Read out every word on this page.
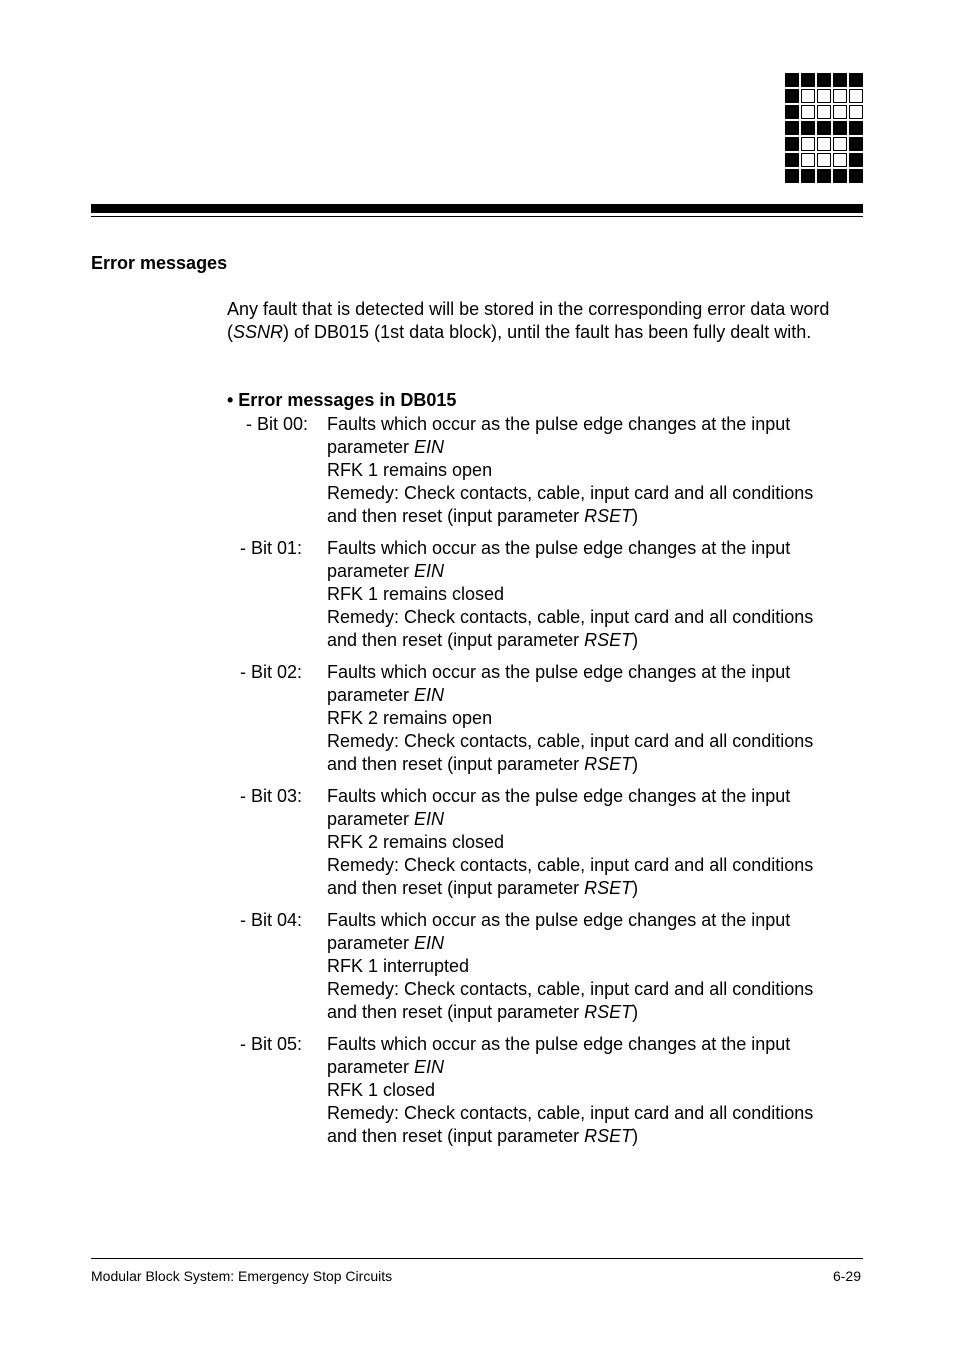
Error messages

Any fault that is detected will be stored in the corresponding error data word (SSNR) of DB015 (1st data block), until the fault has been fully dealt with.

• Error messages in DB015
- Bit 00:	Faults which occur as the pulse edge changes at the input
parameter EIN
RFK 1 remains open
Remedy: Check contacts, cable, input card and all conditions
and then reset (input parameter RSET)
- Bit 01:	Faults which occur as the pulse edge changes at the input
parameter EIN
RFK 1 remains closed
Remedy: Check contacts, cable, input card and all conditions
and then reset (input parameter RSET)
- Bit 02:	Faults which occur as the pulse edge changes at the input
parameter EIN
RFK 2 remains open
Remedy: Check contacts, cable, input card and all conditions
and then reset (input parameter RSET)
- Bit 03:	Faults which occur as the pulse edge changes at the input
parameter EIN
RFK 2 remains closed
Remedy: Check contacts, cable, input card and all conditions
and then reset (input parameter RSET)
- Bit 04:	Faults which occur as the pulse edge changes at the input
parameter EIN
RFK 1 interrupted
Remedy: Check contacts, cable, input card and all conditions
and then reset (input parameter RSET)
- Bit 05:	Faults which occur as the pulse edge changes at the input
parameter EIN
RFK 1 closed
Remedy: Check contacts, cable, input card and all conditions
and then reset (input parameter RSET)
Modular Block System: Emergency Stop Circuits	6-29
